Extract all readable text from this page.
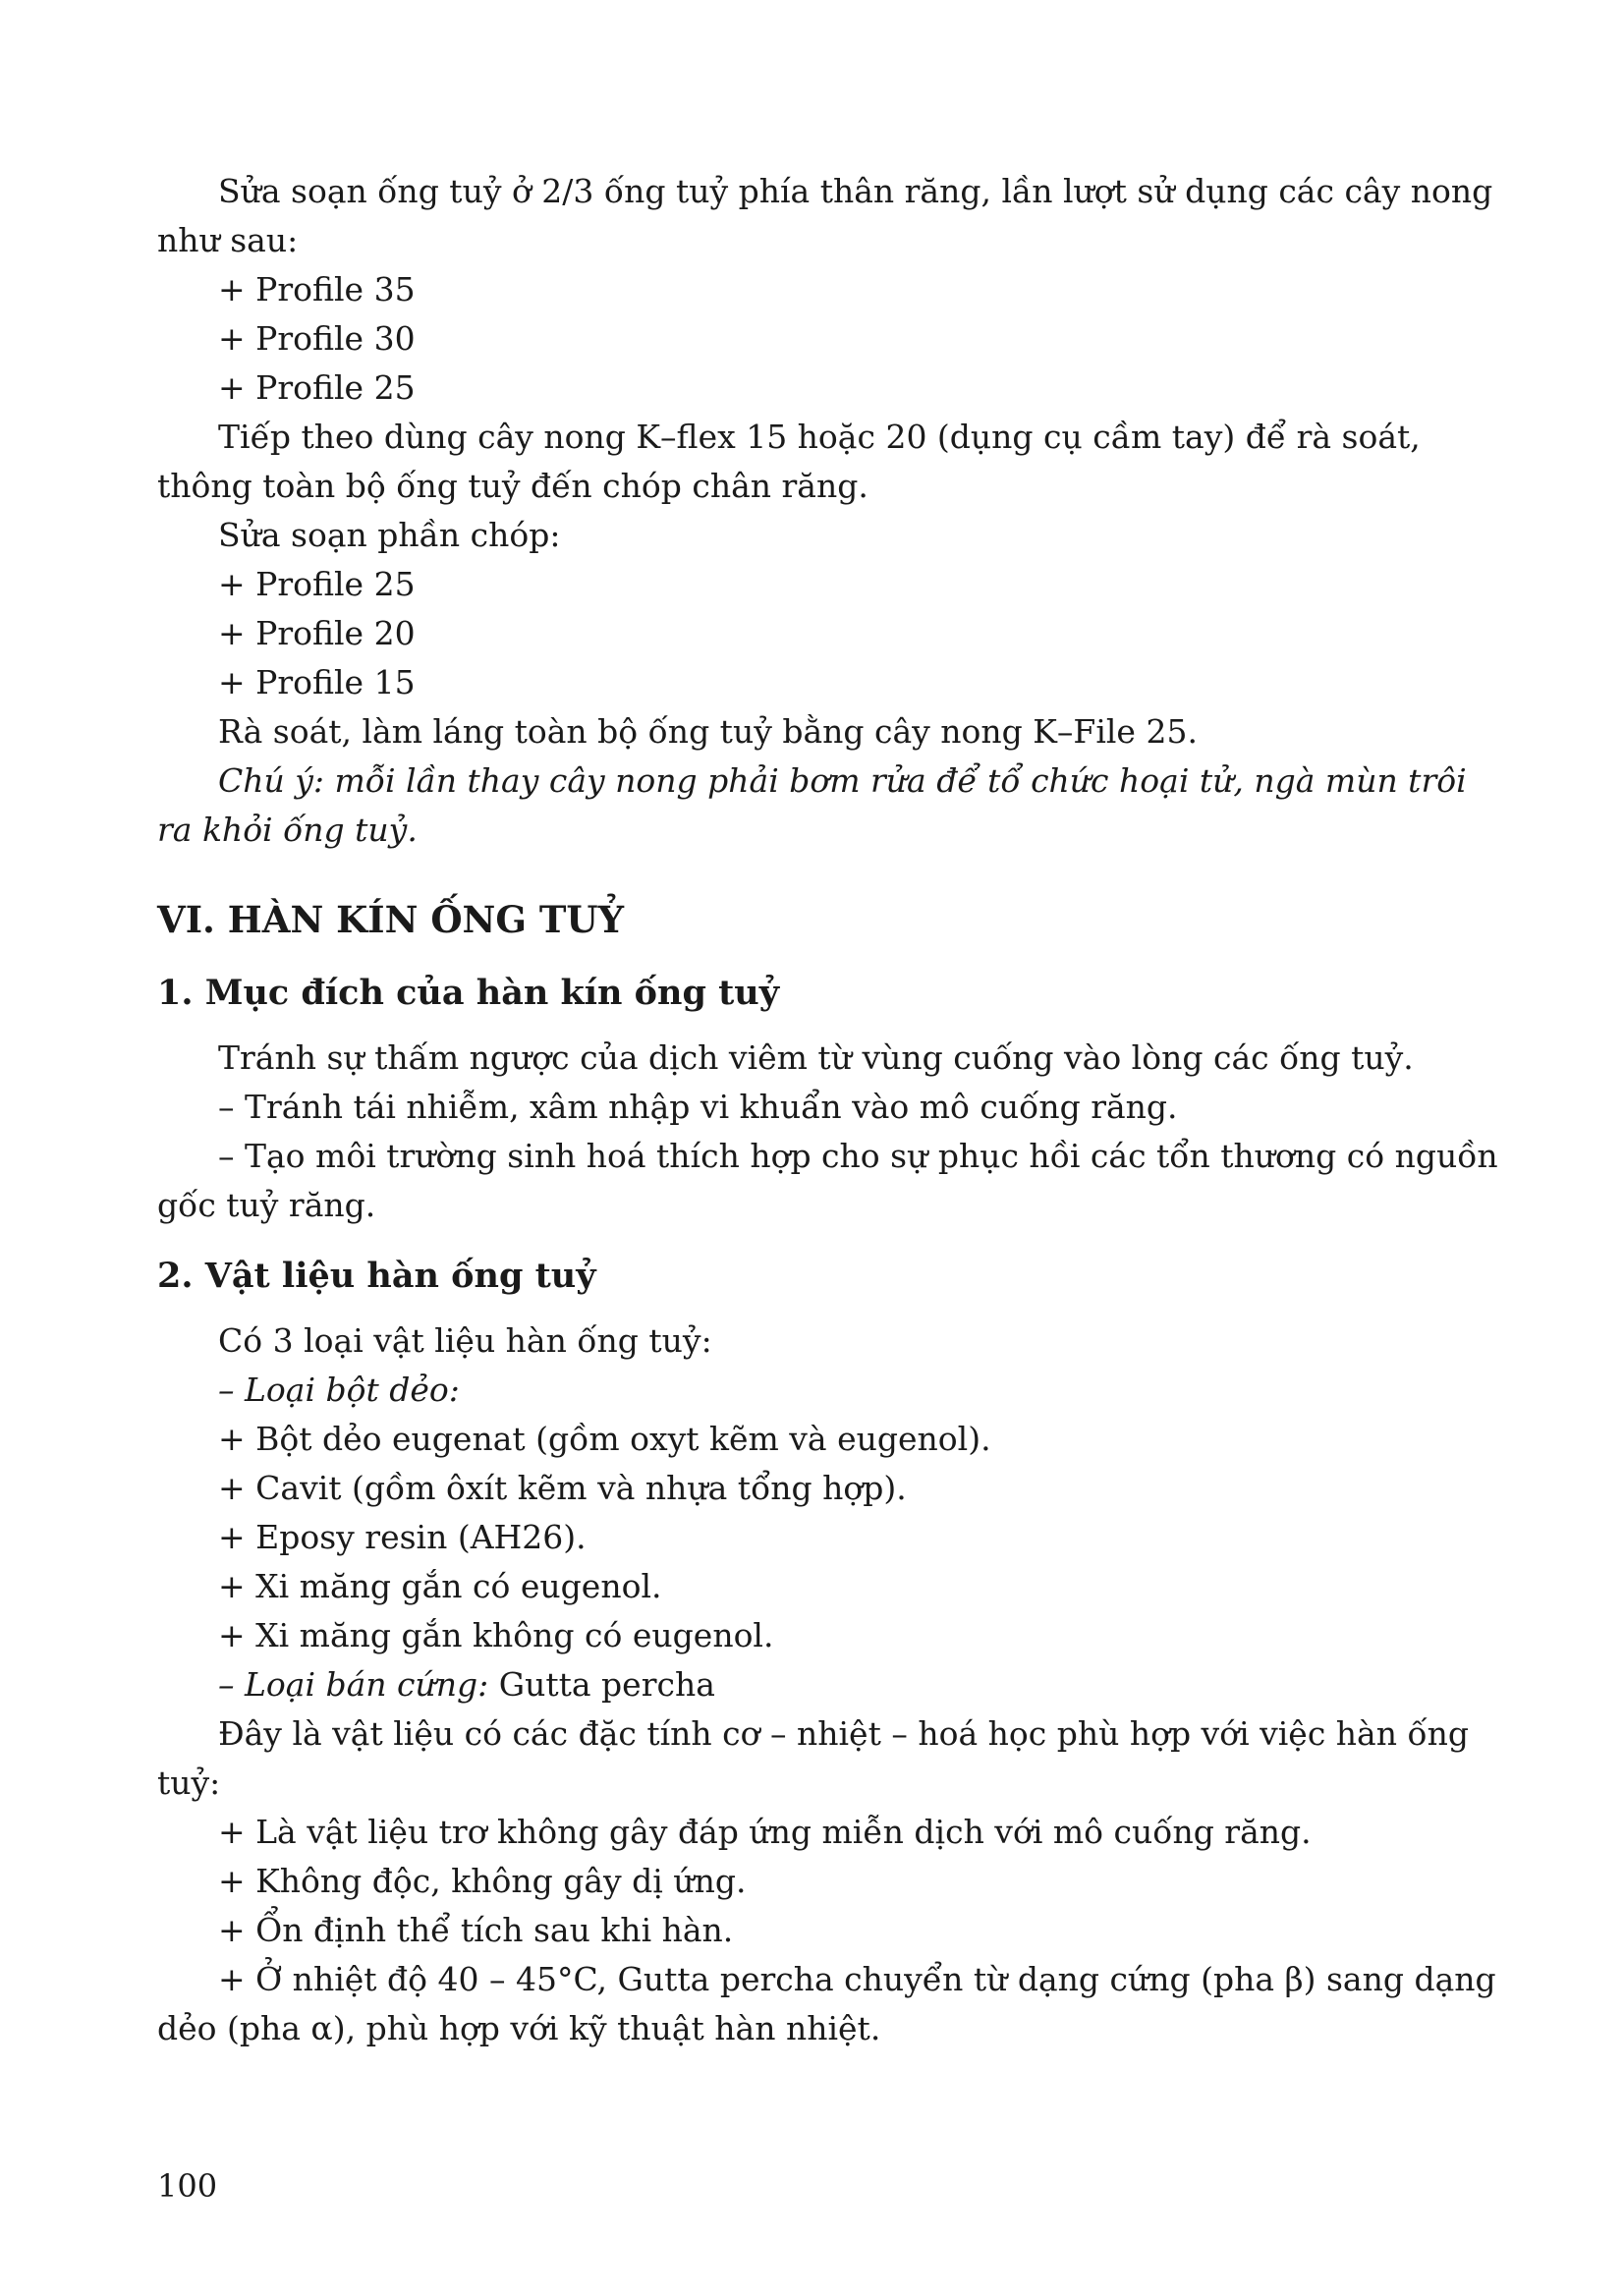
Sửa soạn ống tuỷ ở 2/3 ống tuỷ phía thân răng, lần lượt sử dụng các cây nong như sau:

+ Profile 35

+ Profile 30

+ Profile 25

Tiếp theo dùng cây nong K–flex 15 hoặc 20 (dụng cụ cầm tay) để rà soát, thông toàn bộ ống tuỷ đến chóp chân răng.

Sửa soạn phần chóp:

+ Profile 25

+ Profile 20

+ Profile 15

Rà soát, làm láng toàn bộ ống tuỷ bằng cây nong K–File 25.

Chú ý: mỗi lần thay cây nong phải bơm rửa để tổ chức hoại tử, ngà mùn trôi ra khỏi ống tuỷ.

VI. HÀN KÍN ỐNG TUỶ
1. Mục đích của hàn kín ống tuỷ

Tránh sự thấm ngược của dịch viêm từ vùng cuống vào lòng các ống tuỷ.

– Tránh tái nhiễm, xâm nhập vi khuẩn vào mô cuống răng.

– Tạo môi trường sinh hoá thích hợp cho sự phục hồi các tổn thương có nguồn gốc tuỷ răng.

2. Vật liệu hàn ống tuỷ

Có 3 loại vật liệu hàn ống tuỷ:

– Loại bột dẻo:

+ Bột dẻo eugenat (gồm oxyt kẽm và eugenol).

+ Cavit (gồm ôxít kẽm và nhựa tổng hợp).

+ Eposy resin (AH26).

+ Xi măng gắn có eugenol.

+ Xi măng gắn không có eugenol.

– Loại bán cứng: Gutta percha

Đây là vật liệu có các đặc tính cơ – nhiệt – hoá học phù hợp với việc hàn ống tuỷ:

+ Là vật liệu trơ không gây đáp ứng miễn dịch với mô cuống răng.

+ Không độc, không gây dị ứng.

+ Ổn định thể tích sau khi hàn.

+ Ở nhiệt độ 40 – 45°C, Gutta percha chuyển từ dạng cứng (pha β) sang dạng dẻo (pha α), phù hợp với kỹ thuật hàn nhiệt.

100
